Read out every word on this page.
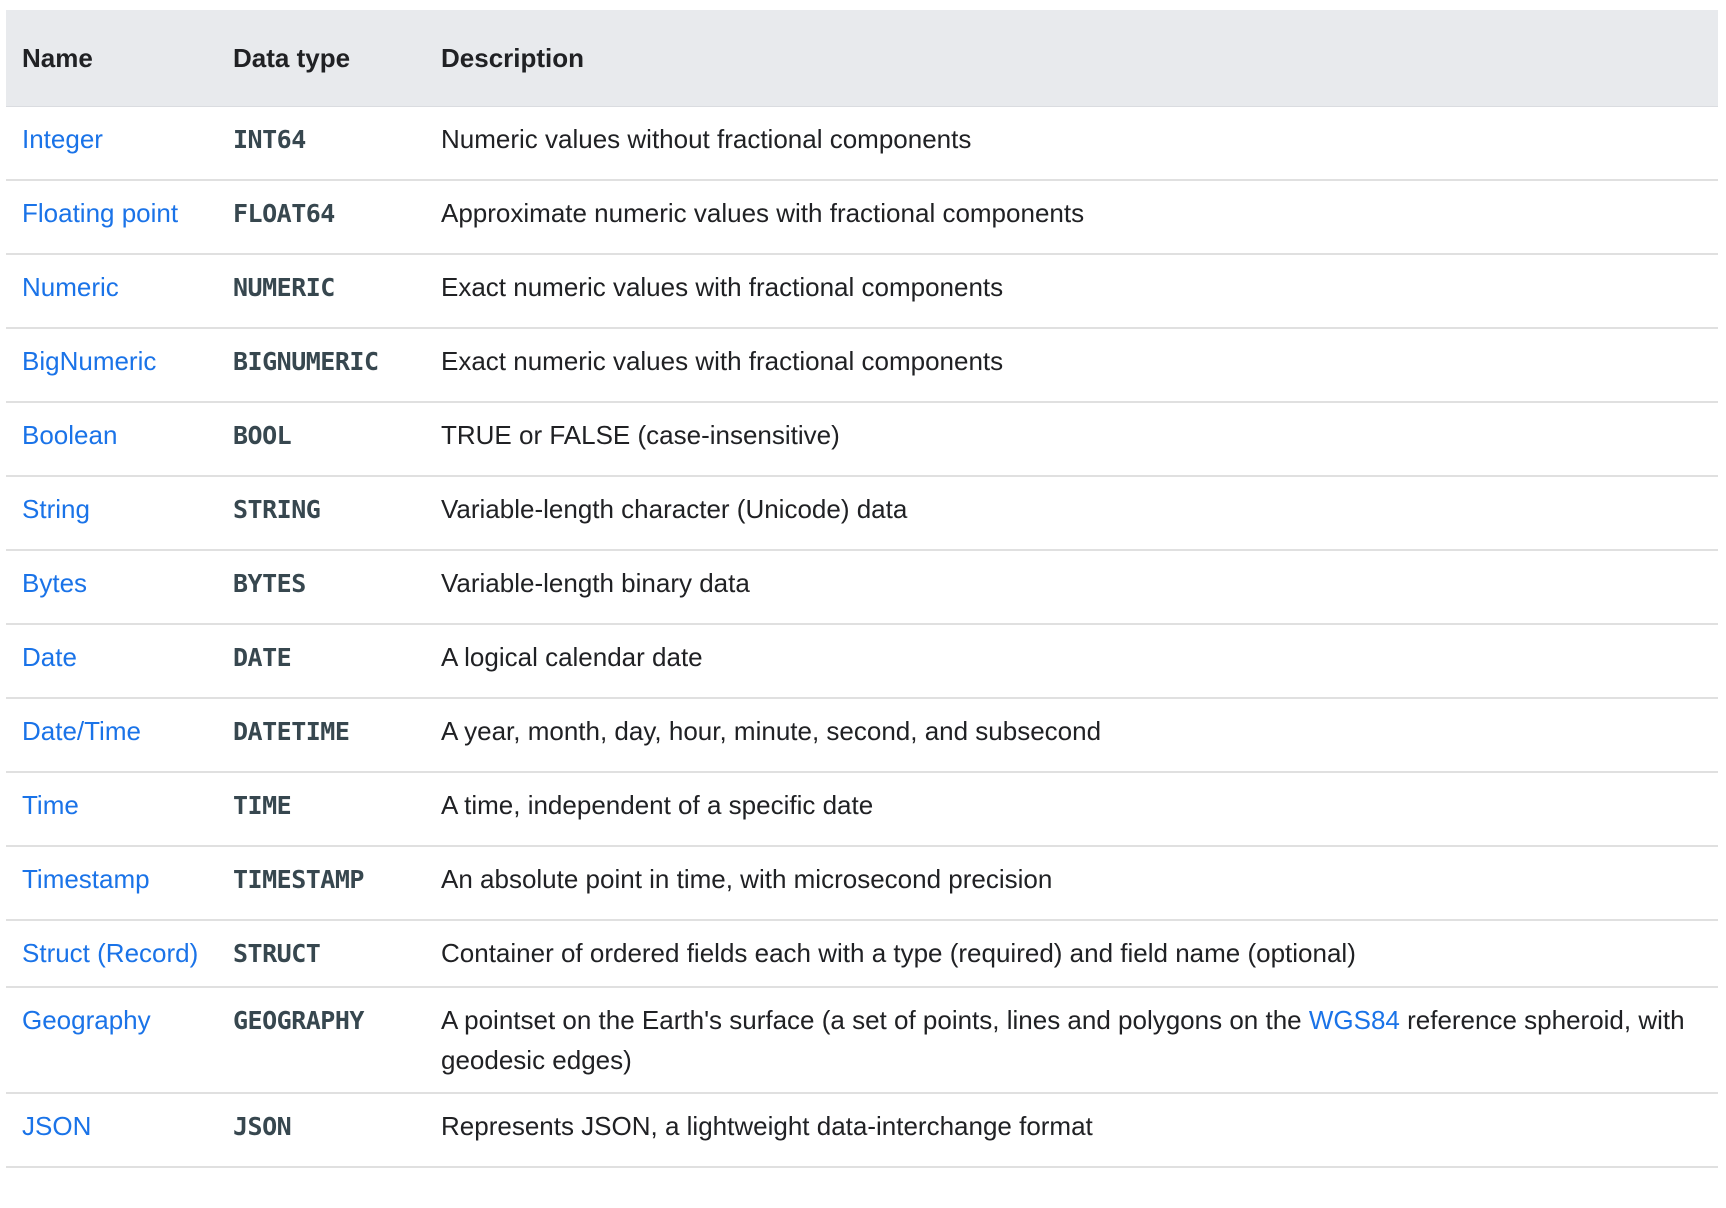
Name	Data type	Description
Integer	INT64	Numeric values without fractional components
Floating point	FLOAT64	Approximate numeric values with fractional components
Numeric	NUMERIC	Exact numeric values with fractional components
BigNumeric	BIGNUMERIC	Exact numeric values with fractional components
Boolean	BOOL	TRUE or FALSE (case-insensitive)
String	STRING	Variable-length character (Unicode) data
Bytes	BYTES	Variable-length binary data
Date	DATE	A logical calendar date
Date/Time	DATETIME	A year, month, day, hour, minute, second, and subsecond
Time	TIME	A time, independent of a specific date
Timestamp	TIMESTAMP	An absolute point in time, with microsecond precision
Struct (Record)	STRUCT	Container of ordered fields each with a type (required) and field name (optional)
Geography	GEOGRAPHY	A pointset on the Earth's surface (a set of points, lines and polygons on the WGS84 reference spheroid, with geodesic edges)
JSON	JSON	Represents JSON, a lightweight data-interchange format
